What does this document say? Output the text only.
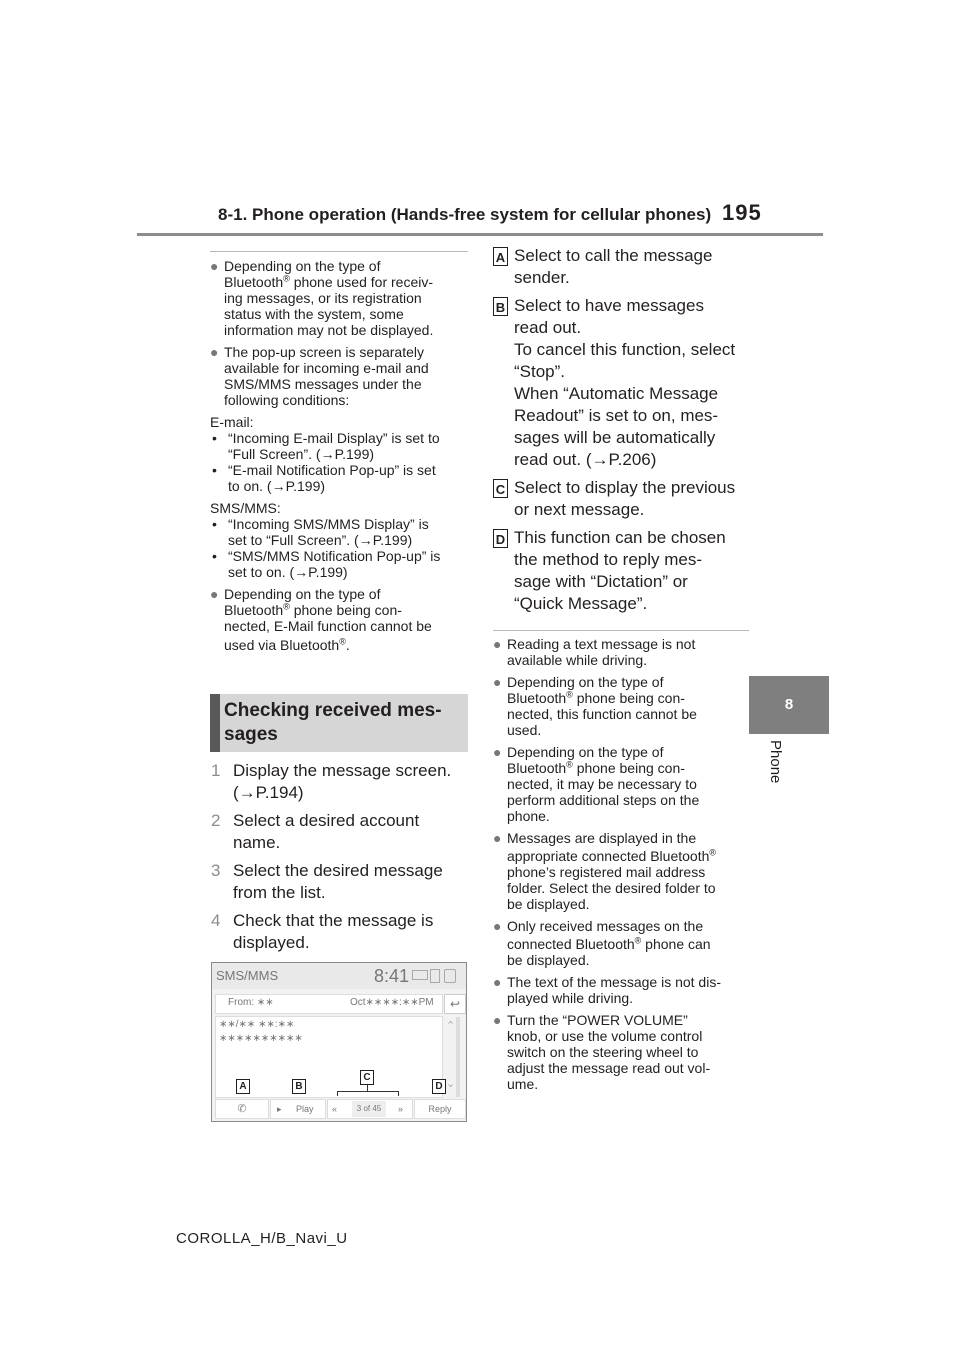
8-1. Phone operation (Hands-free system for cellular phones) 195
8
Phone
● Depending on the type of
Bluetooth® phone used for receiv-
ing messages, or its registration
status with the system, some
information may not be displayed.
● The pop-up screen is separately
available for incoming e-mail and
SMS/MMS messages under the
following conditions:
E-mail:
• “Incoming E-mail Display” is set to
“Full Screen”. (→P.199)
• “E-mail Notification Pop-up” is set
to on. (→P.199)
SMS/MMS:
• “Incoming SMS/MMS Display” is
set to “Full Screen”. (→P.199)
• “SMS/MMS Notification Pop-up” is
set to on. (→P.199)
● Depending on the type of
Bluetooth® phone being con-
nected, E-Mail function cannot be
used via Bluetooth®.
Checking received mes-
sages
1 Display the message screen.
(→P.194)
2 Select a desired account
name.
3 Select the desired message
from the list.
4 Check that the message is
displayed.
SMS/MMS	8:41
From: ∗∗	Oct∗∗∗∗:∗∗PM	↩
∗∗/∗∗ ∗∗:∗∗
∗∗∗∗∗∗∗∗∗∗
⌃
⌄
A	B
C
D
✆	▸ Play	«	3 of 45	»	Reply
A Select to call the message
sender.
B Select to have messages
read out.
To cancel this function, select
“Stop”.
When “Automatic Message
Readout” is set to on, mes-
sages will be automatically
read out. (→P.206)
C Select to display the previous
or next message.
D This function can be chosen
the method to reply mes-
sage with “Dictation” or
“Quick Message”.
● Reading a text message is not
available while driving.
● Depending on the type of
Bluetooth® phone being con-
nected, this function cannot be
used.
● Depending on the type of
Bluetooth® phone being con-
nected, it may be necessary to
perform additional steps on the
phone.
● Messages are displayed in the
appropriate connected Bluetooth®
phone’s registered mail address
folder. Select the desired folder to
be displayed.
● Only received messages on the
connected Bluetooth® phone can
be displayed.
● The text of the message is not dis-
played while driving.
● Turn the “POWER VOLUME”
knob, or use the volume control
switch on the steering wheel to
adjust the message read out vol-
ume.
COROLLA_H/B_Navi_U
